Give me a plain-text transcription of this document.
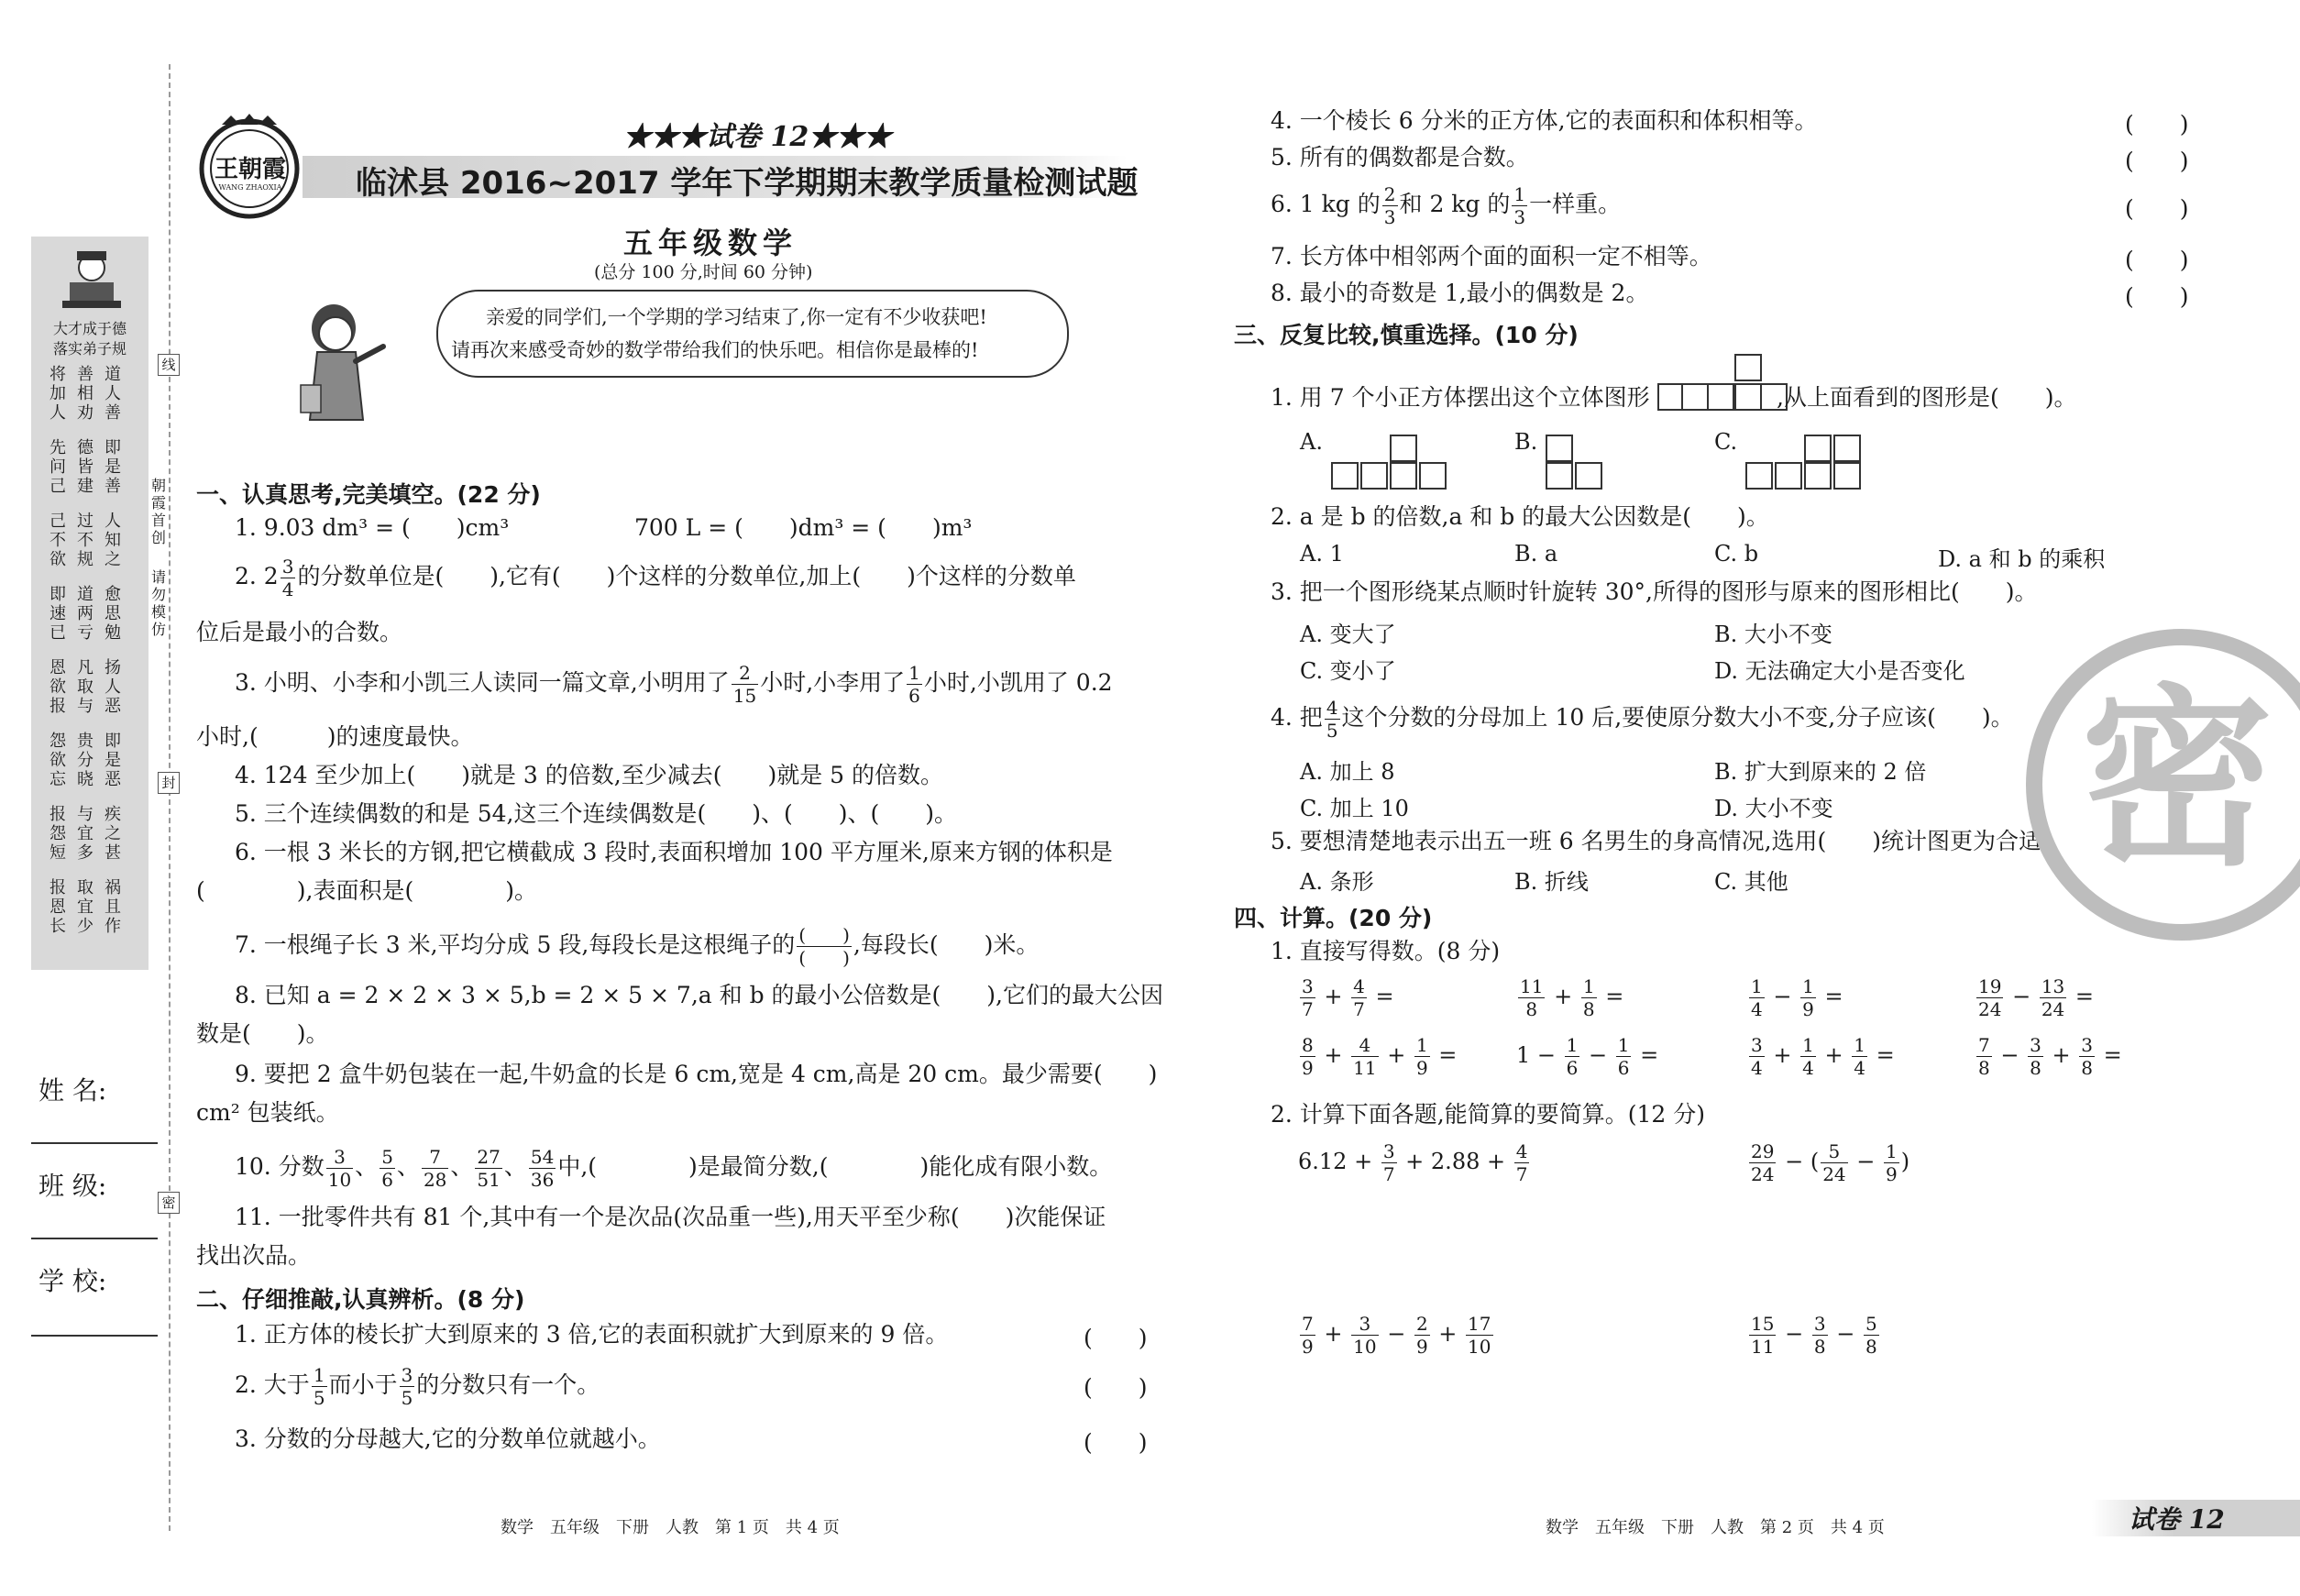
大才成于德
落实弟子规
将加人
善相劝
道人善
先问己
德皆建
即是善
己不欲
过不规
人知之
即速已
道两亏
愈思勉
恩欲报
凡取与
扬人恶
怨欲忘
贵分晓
即是恶
报怨短
与宜多
疾之甚
报恩长
取宜少
祸且作
朝霞首创
请勿模仿
线
封
密
姓 名:
班 级:
学 校:
王朝霞
WANG ZHAOXIA
★★★试卷 12★★★
临沭县 2016~2017 学年下学期期末教学质量检测试题
五年级数学
(总分 100 分,时间 60 分钟)
亲爱的同学们,一个学期的学习结束了,你一定有不少收获吧!
请再次来感受奇妙的数学带给我们的快乐吧。相信你是最棒的!
一、认真思考,完美填空。(22 分)
1. 9.03 dm³ = (　　)cm³	700 L = (　　)dm³ = (　　)m³
2. $2 \frac{3}{4}$ 的分数单位是(　　),它有(　　)个这样的分数单位,加上(　　)个这样的分数单
位后是最小的合数。
3. 小明、小李和小凯三人读同一篇文章,小明用了 $\frac{2}{15}$ 小时,小李用了 $\frac{1}{6}$ 小时,小凯用了 0.2
小时,(　　　)的速度最快。
4. 124 至少加上(　　)就是 3 的倍数,至少减去(　　)就是 5 的倍数。
5. 三个连续偶数的和是 54,这三个连续偶数是(　　)、(　　)、(　　)。
6. 一根 3 米长的方钢,把它横截成 3 段时,表面积增加 100 平方厘米,原来方钢的体积是
(　　　　),表面积是(　　　　)。
7. 一根绳子长 3 米,平均分成 5 段,每段长是这根绳子的 $\frac{( )}{( )}$ ,每段长(　　)米。
8. 已知 a = 2 × 2 × 3 × 5,b = 2 × 5 × 7,a 和 b 的最小公倍数是(　　),它们的最大公因
数是(　　)。
9. 要把 2 盒牛奶包装在一起,牛奶盒的长是 6 cm,宽是 4 cm,高是 20 cm。最少需要(　　)
cm² 包装纸。
10. 分数 $\frac{3}{10}$ 、 $\frac{5}{6}$ 、 $\frac{7}{28}$ 、 $\frac{27}{51}$ 、 $\frac{54}{36}$ 中,(　　　　)是最简分数,(　　　　)能化成有限小数。
11. 一批零件共有 81 个,其中有一个是次品(次品重一些),用天平至少称(　　)次能保证
找出次品。
二、仔细推敲,认真辨析。(8 分)
1. 正方体的棱长扩大到原来的 3 倍,它的表面积就扩大到原来的 9 倍。	(　　)
2. 大于 $\frac{1}{5}$ 而小于 $\frac{3}{5}$ 的分数只有一个。	(　　)
3. 分数的分母越大,它的分数单位就越小。	(　　)
数学　五年级　下册　人教　第 1 页　共 4 页
4. 一个棱长 6 分米的正方体,它的表面积和体积相等。	(　　)
5. 所有的偶数都是合数。	(　　)
6. 1 kg 的 $\frac{2}{3}$ 和 2 kg 的 $\frac{1}{3}$ 一样重。	(　　)
7. 长方体中相邻两个面的面积一定不相等。	(　　)
8. 最小的奇数是 1,最小的偶数是 2。	(　　)
三、反复比较,慎重选择。(10 分)
1. 用 7 个小正方体摆出这个立体图形	,从上面看到的图形是(　　)。
A.	B.	C.
2. a 是 b 的倍数,a 和 b 的最大公因数是(　　)。
A. 1	B. a	C. b	D. a 和 b 的乘积
3. 把一个图形绕某点顺时针旋转 30°,所得的图形与原来的图形相比(　　)。
A. 变大了	B. 大小不变
C. 变小了	D. 无法确定大小是否变化
4. 把 $\frac{4}{5}$ 这个分数的分母加上 10 后,要使原分数大小不变,分子应该(　　)。
A. 加上 8	B. 扩大到原来的 2 倍
C. 加上 10	D. 大小不变
5. 要想清楚地表示出五一班 6 名男生的身高情况,选用(　　)统计图更为合适。
A. 条形	B. 折线	C. 其他
四、计算。(20 分)
1. 直接写得数。(8 分)
$\frac{3}{7} + \frac{4}{7}$ =	$\frac{11}{8} + \frac{1}{8}$ =	$\frac{1}{4} - \frac{1}{9}$ =	$\frac{19}{24} - \frac{13}{24}$ =
$\frac{8}{9} + \frac{4}{11} + \frac{1}{9}$ =	$1 - \frac{1}{6} - \frac{1}{6}$ =	$\frac{3}{4} + \frac{1}{4} + \frac{1}{4}$ =	$\frac{7}{8} - \frac{3}{8} + \frac{3}{8}$ =
2. 计算下面各题,能简算的要简算。(12 分)
$6.12 + \frac{3}{7} + 2.88 + \frac{4}{7}$	$\frac{29}{24}$ − ( $\frac{5}{24} - \frac{1}{9}$ )
$\frac{7}{9} + \frac{3}{10} - \frac{2}{9} + \frac{17}{10}$	$\frac{15}{11} - \frac{3}{8} - \frac{5}{8}$
密
数学　五年级　下册　人教　第 2 页　共 4 页	试卷 12
